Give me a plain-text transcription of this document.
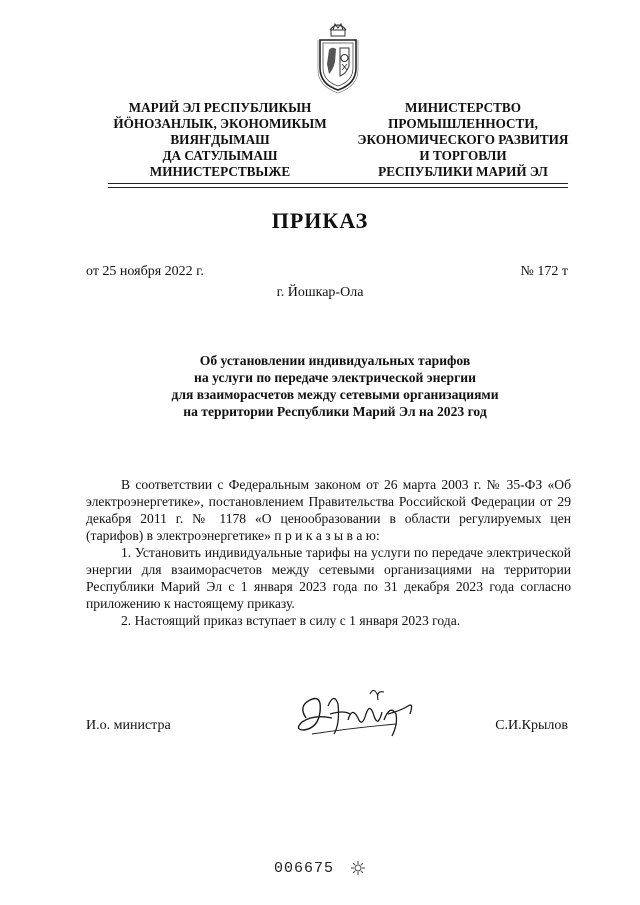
МАРИЙ ЭЛ РЕСПУБЛИКЫН
ЙӦНОЗАНЛЫК, ЭКОНОМИКЫМ
ВИЯҤДЫМАШ
ДА САТУЛЫМАШ
МИНИСТЕРСТВЫЖЕ
МИНИСТЕРСТВО
ПРОМЫШЛЕННОСТИ,
ЭКОНОМИЧЕСКОГО РАЗВИТИЯ
И ТОРГОВЛИ
РЕСПУБЛИКИ МАРИЙ ЭЛ
ПРИКАЗ
от 25 ноября 2022 г.	№ 172 т
г. Йошкар-Ола
Об установлении индивидуальных тарифов
на услуги по передаче электрической энергии
для взаиморасчетов между сетевыми организациями
на территории Республики Марий Эл на 2023 год

В соответствии с Федеральным законом от 26 марта 2003 г. № 35-ФЗ «Об электроэнергетике», постановлением Правительства Российской Федерации от 29 декабря 2011 г. № 1178 «О ценообразовании в области регулируемых цен (тарифов) в электроэнергетике» п р и к а з ы в а ю:

1. Установить индивидуальные тарифы на услуги по передаче электрической энергии для взаиморасчетов между сетевыми организациями на территории Республики Марий Эл с 1 января 2023 года по 31 декабря 2023 года согласно приложению к настоящему приказу.

2. Настоящий приказ вступает в силу с 1 января 2023 года.

И.о. министра	С.И.Крылов
006675
